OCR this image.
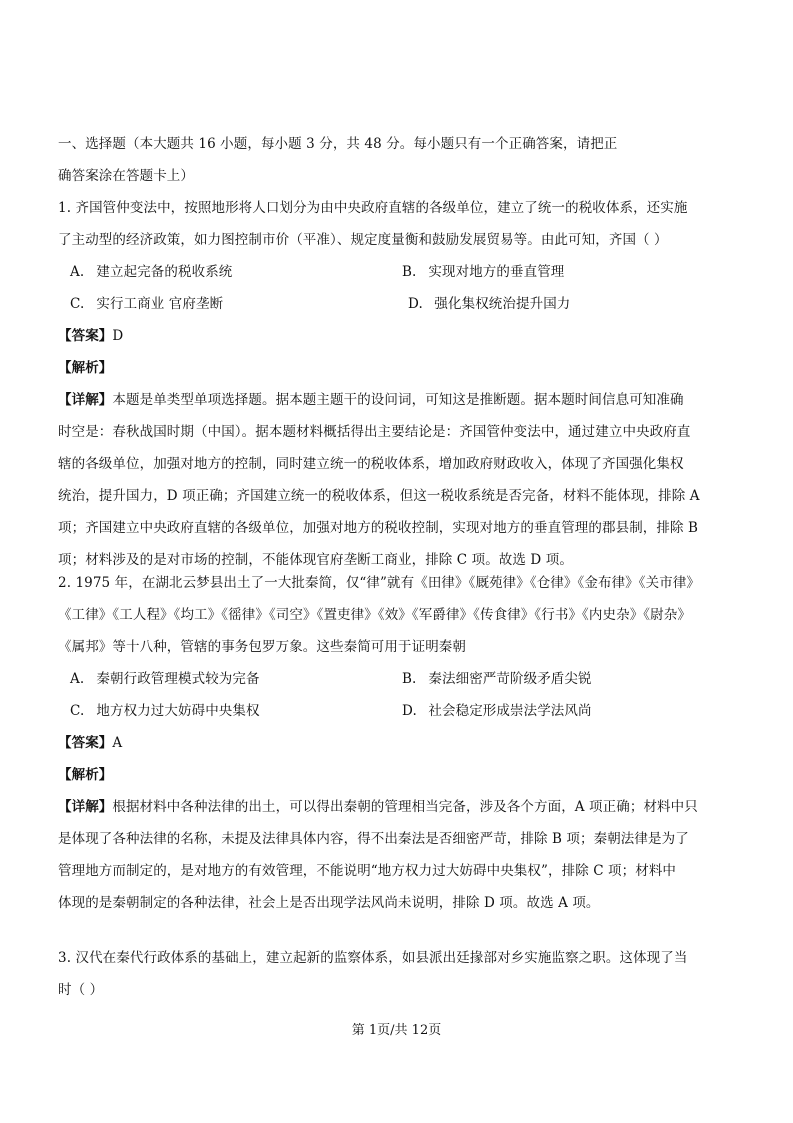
一、选择题（本大题共 16 小题，每小题 3 分，共 48 分。每小题只有一个正确答案，请把正
确答案涂在答题卡上）
1. 齐国管仲变法中，按照地形将人口划分为由中央政府直辖的各级单位，建立了统一的税收体系，还实施
了主动型的经济政策，如力图控制市价（平准）、规定度量衡和鼓励发展贸易等。由此可知，齐国（ ）
A. 建立起完备的税收系统	B. 实现对地方的垂直管理
C. 实行工商业 官府垄断	D. 强化集权统治提升国力
【答案】D
【解析】
【详解】本题是单类型单项选择题。据本题主题干的设问词，可知这是推断题。据本题时间信息可知准确
时空是：春秋战国时期（中国）。据本题材料概括得出主要结论是：齐国管仲变法中，通过建立中央政府直
辖的各级单位，加强对地方的控制，同时建立统一的税收体系，增加政府财政收入，体现了齐国强化集权
统治，提升国力，D 项正确；齐国建立统一的税收体系，但这一税收系统是否完备，材料不能体现，排除 A
项；齐国建立中央政府直辖的各级单位，加强对地方的税收控制，实现对地方的垂直管理的郡县制，排除 B
项；材料涉及的是对市场的控制，不能体现官府垄断工商业，排除 C 项。故选 D 项。
2. 1975 年，在湖北云梦县出土了一大批秦简，仅“律”就有《田律》《厩苑律》《仓律》《金布律》《关市律》
《工律》《工人程》《均工》《徭律》《司空》《置吏律》《效》《军爵律》《传食律》《行书》《内史杂》《尉杂》
《属邦》等十八种，管辖的事务包罗万象。这些秦简可用于证明秦朝
A. 秦朝行政管理模式较为完备	B. 秦法细密严苛阶级矛盾尖锐
C. 地方权力过大妨碍中央集权	D. 社会稳定形成崇法学法风尚
【答案】A
【解析】
【详解】根据材料中各种法律的出土，可以得出秦朝的管理相当完备，涉及各个方面，A 项正确；材料中只
是体现了各种法律的名称，未提及法律具体内容，得不出秦法是否细密严苛，排除 B 项；秦朝法律是为了
管理地方而制定的，是对地方的有效管理，不能说明“地方权力过大妨碍中央集权”，排除 C 项；材料中
体现的是秦朝制定的各种法律，社会上是否出现学法风尚未说明，排除 D 项。故选 A 项。
3. 汉代在秦代行政体系的基础上，建立起新的监察体系，如县派出廷掾部对乡实施监察之职。这体现了当
时（ ）
第 1页/共 12页
